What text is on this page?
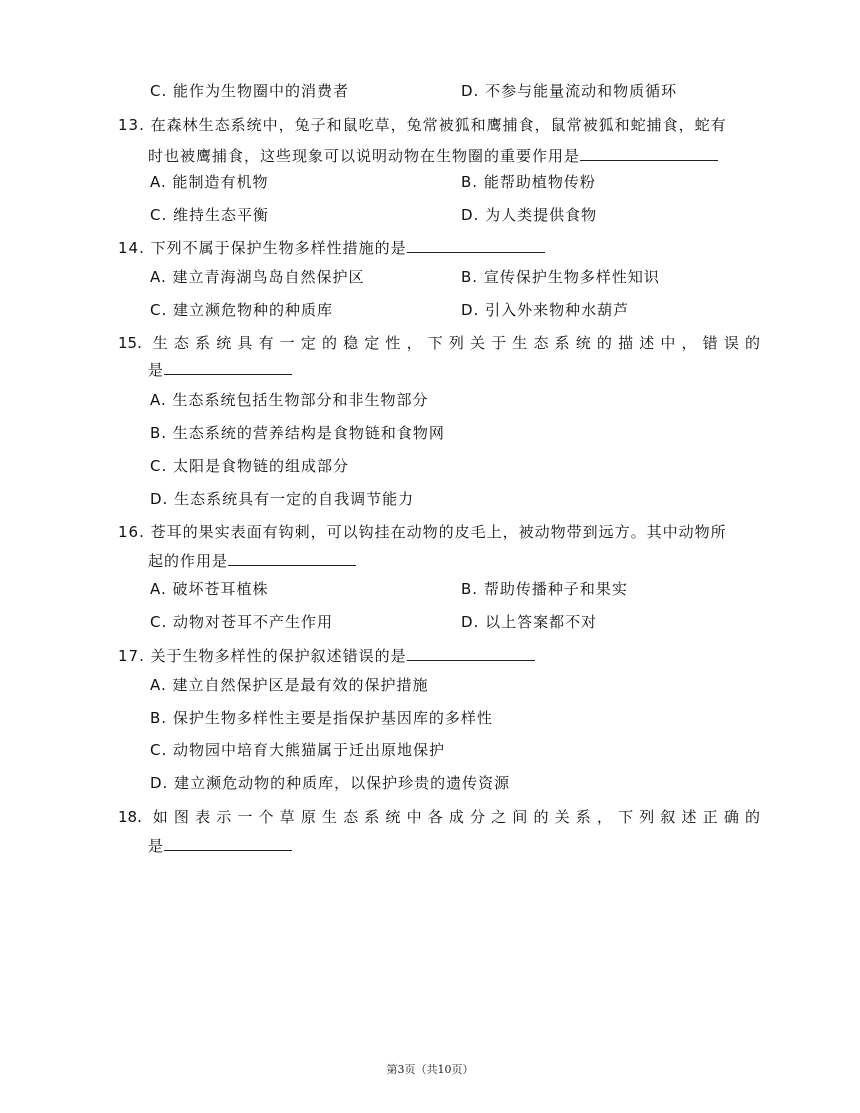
C. 能作为生物圈中的消费者	D. 不参与能量流动和物质循环
13. 在森林生态系统中，兔子和鼠吃草，兔常被狐和鹰捕食，鼠常被狐和蛇捕食，蛇有
时也被鹰捕食，这些现象可以说明动物在生物圈的重要作用是
A. 能制造有机物	B. 能帮助植物传粉
C. 维持生态平衡	D. 为人类提供食物
14. 下列不属于保护生物多样性措施的是
A. 建立青海湖鸟岛自然保护区	B. 宣传保护生物多样性知识
C. 建立濒危物种的种质库	D. 引入外来物种水葫芦
15. 生态系统具有一定的稳定性，下列关于生态系统的描述中，错误的
是
A. 生态系统包括生物部分和非生物部分
B. 生态系统的营养结构是食物链和食物网
C. 太阳是食物链的组成部分
D. 生态系统具有一定的自我调节能力
16. 苍耳的果实表面有钩刺，可以钩挂在动物的皮毛上，被动物带到远方。其中动物所
起的作用是
A. 破坏苍耳植株	B. 帮助传播种子和果实
C. 动物对苍耳不产生作用	D. 以上答案都不对
17. 关于生物多样性的保护叙述错误的是
A. 建立自然保护区是最有效的保护措施
B. 保护生物多样性主要是指保护基因库的多样性
C. 动物园中培育大熊猫属于迁出原地保护
D. 建立濒危动物的种质库，以保护珍贵的遗传资源
18. 如图表示一个草原生态系统中各成分之间的关系，下列叙述正确的
是
第3页（共10页）
